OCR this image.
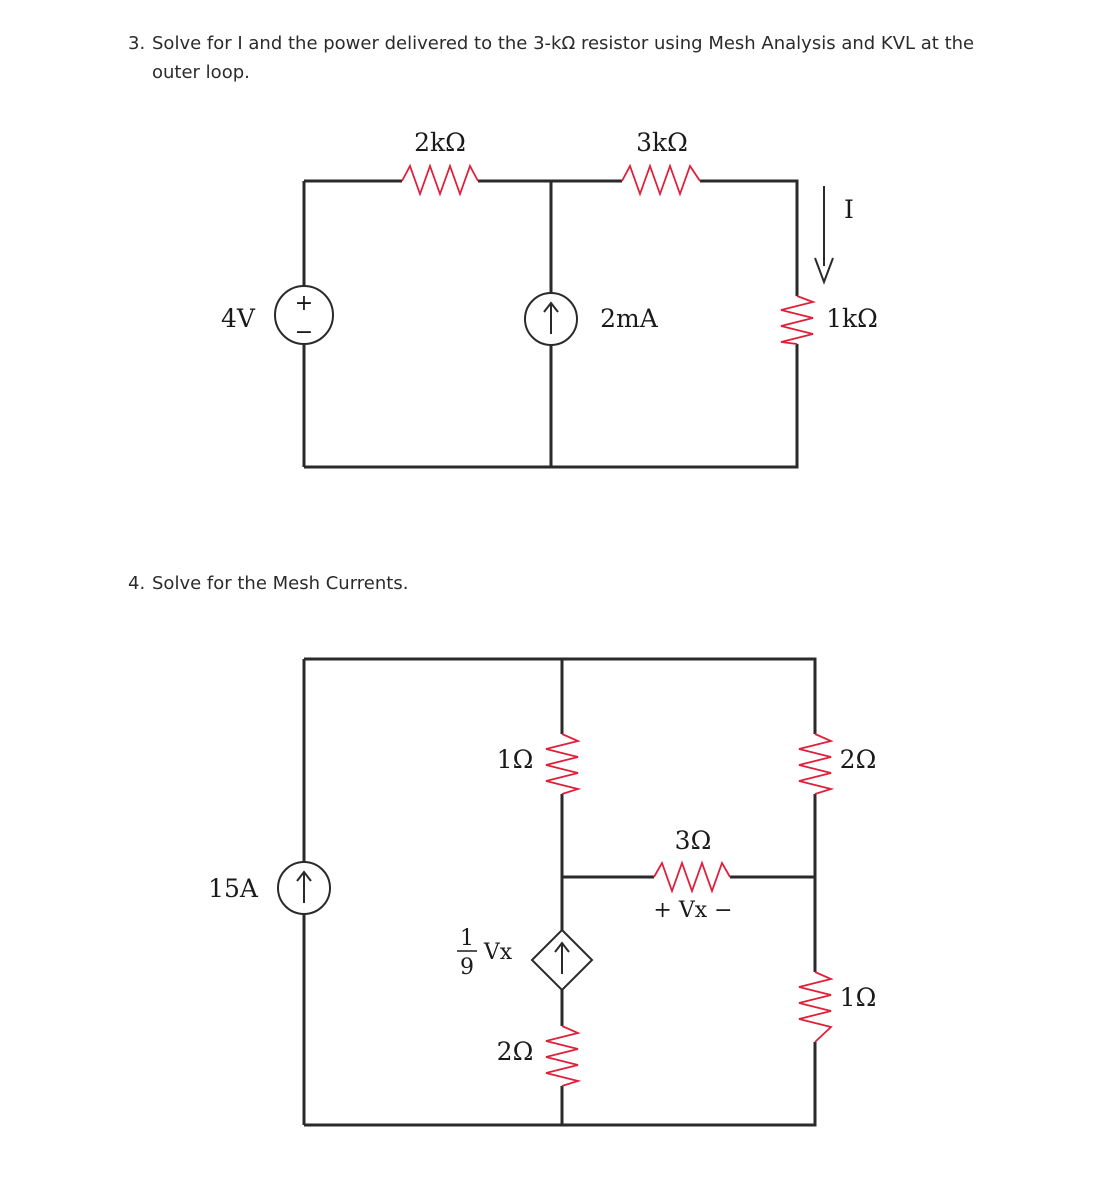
3. Solve for I and the power delivered to the 3-kΩ resistor using Mesh Analysis and KVL at the
outer loop.

4. Solve for the Mesh Currents.

+
−
2kΩ	3kΩ
4V	2mA	1kΩ
I
15A
1Ω
2Ω
3Ω
+ Vx −
2Ω
1Ω
1
9
Vx
